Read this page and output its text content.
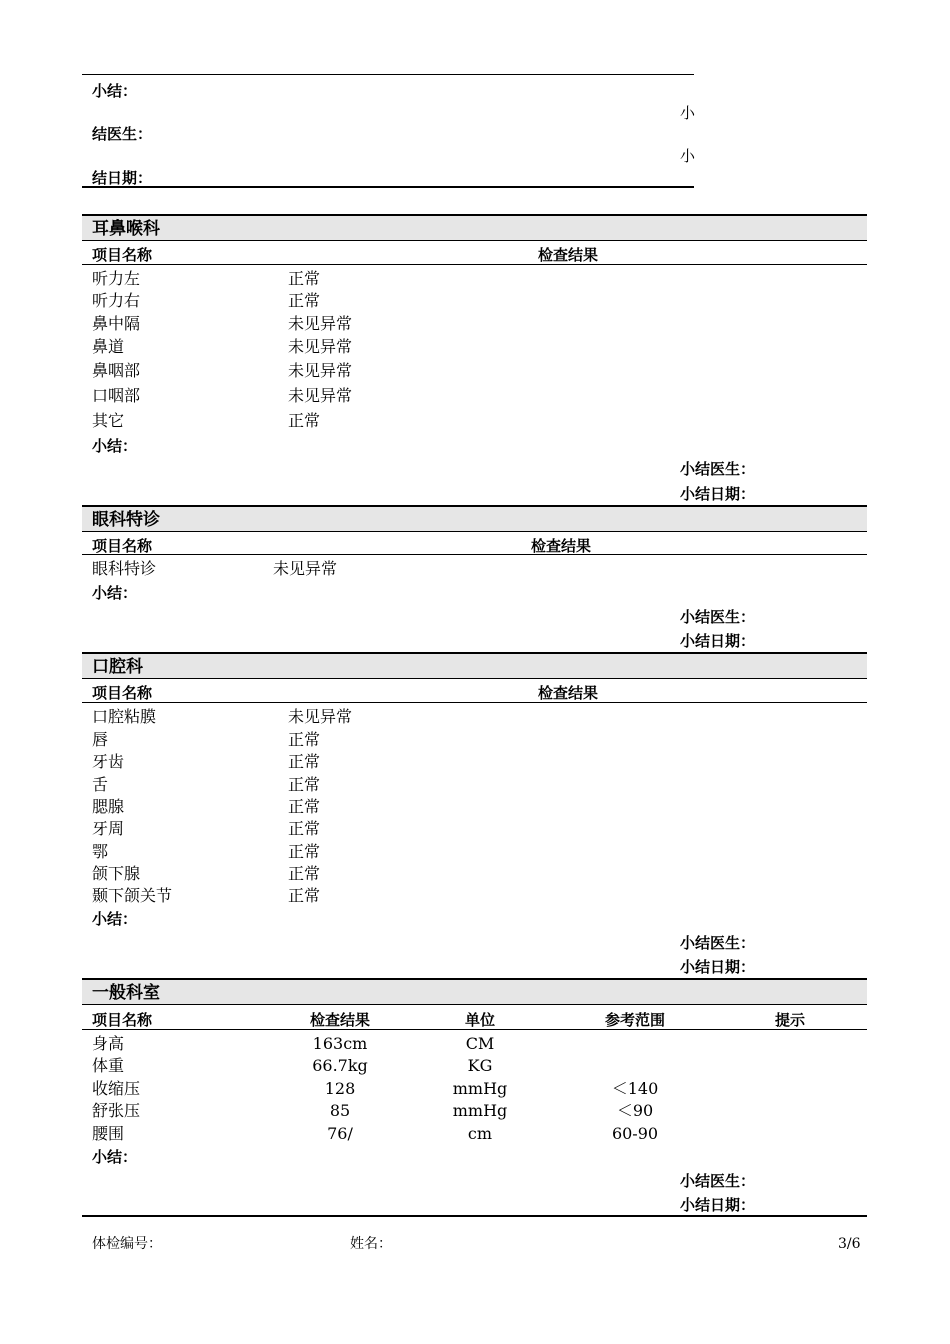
小结：
小
结医生：
小
结日期：
耳鼻喉科
项目名称	检查结果
听力左	正常
听力右	正常
鼻中隔	未见异常
鼻道	未见异常
鼻咽部	未见异常
口咽部	未见异常
其它	正常
小结：
小结医生：
小结日期：
眼科特诊
项目名称	检查结果
眼科特诊	未见异常
小结：
小结医生：
小结日期：
口腔科
项目名称	检查结果
口腔粘膜	未见异常
唇	正常
牙齿	正常
舌	正常
腮腺	正常
牙周	正常
鄂	正常
颌下腺	正常
颞下颌关节	正常
小结：
小结医生：
小结日期：
一般科室
项目名称	检查结果	单位	参考范围	提示
身高	163cm	CM
体重	66.7kg	KG
收缩压	128	mmHg	＜140
舒张压	85	mmHg	＜90
腰围	76/	cm	60-90
小结：
小结医生：
小结日期：
体检编号：	姓名：	3/6
